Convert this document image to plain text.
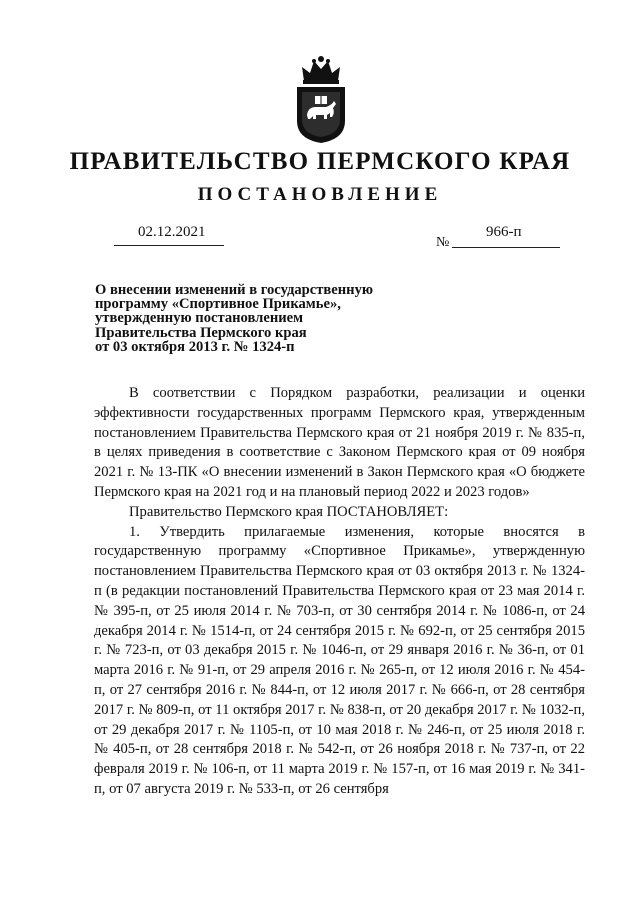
ПРАВИТЕЛЬСТВО ПЕРМСКОГО КРАЯ
ПОСТАНОВЛЕНИЕ
02.12.2021
№
966-п
О внесении изменений в государственную
программу «Спортивное Прикамье»,
утвержденную постановлением
Правительства Пермского края
от 03 октября 2013 г. № 1324-п

В соответствии с Порядком разработки, реализации и оценки эффективности государственных программ Пермского края, утвержденным постановлением Правительства Пермского края от 21 ноября 2019 г. № 835-п, в целях приведения в соответствие с Законом Пермского края от 09 ноября 2021 г. № 13-ПК «О внесении изменений в Закон Пермского края «О бюджете Пермского края на 2021 год и на плановый период 2022 и 2023 годов»

Правительство Пермского края ПОСТАНОВЛЯЕТ:

1. Утвердить прилагаемые изменения, которые вносятся в государственную программу «Спортивное Прикамье», утвержденную постановлением Правительства Пермского края от 03 октября 2013 г. № 1324-п (в редакции постановлений Правительства Пермского края от 23 мая 2014 г. № 395-п, от 25 июля 2014 г. № 703-п, от 30 сентября 2014 г. № 1086-п, от 24 декабря 2014 г. № 1514-п, от 24 сентября 2015 г. № 692-п, от 25 сентября 2015 г. № 723-п, от 03 декабря 2015 г. № 1046-п, от 29 января 2016 г. № 36-п, от 01 марта 2016 г. № 91-п, от 29 апреля 2016 г. № 265-п, от 12 июля 2016 г. № 454-п, от 27 сентября 2016 г. № 844-п, от 12 июля 2017 г. № 666-п, от 28 сентября 2017 г. № 809-п, от 11 октября 2017 г. № 838-п, от 20 декабря 2017 г. № 1032-п, от 29 декабря 2017 г. № 1105-п, от 10 мая 2018 г. № 246-п, от 25 июля 2018 г. № 405-п, от 28 сентября 2018 г. № 542-п, от 26 ноября 2018 г. № 737-п, от 22 февраля 2019 г. № 106-п, от 11 марта 2019 г. № 157-п, от 16 мая 2019 г. № 341-п, от 07 августа 2019 г. № 533-п, от 26 сентября
